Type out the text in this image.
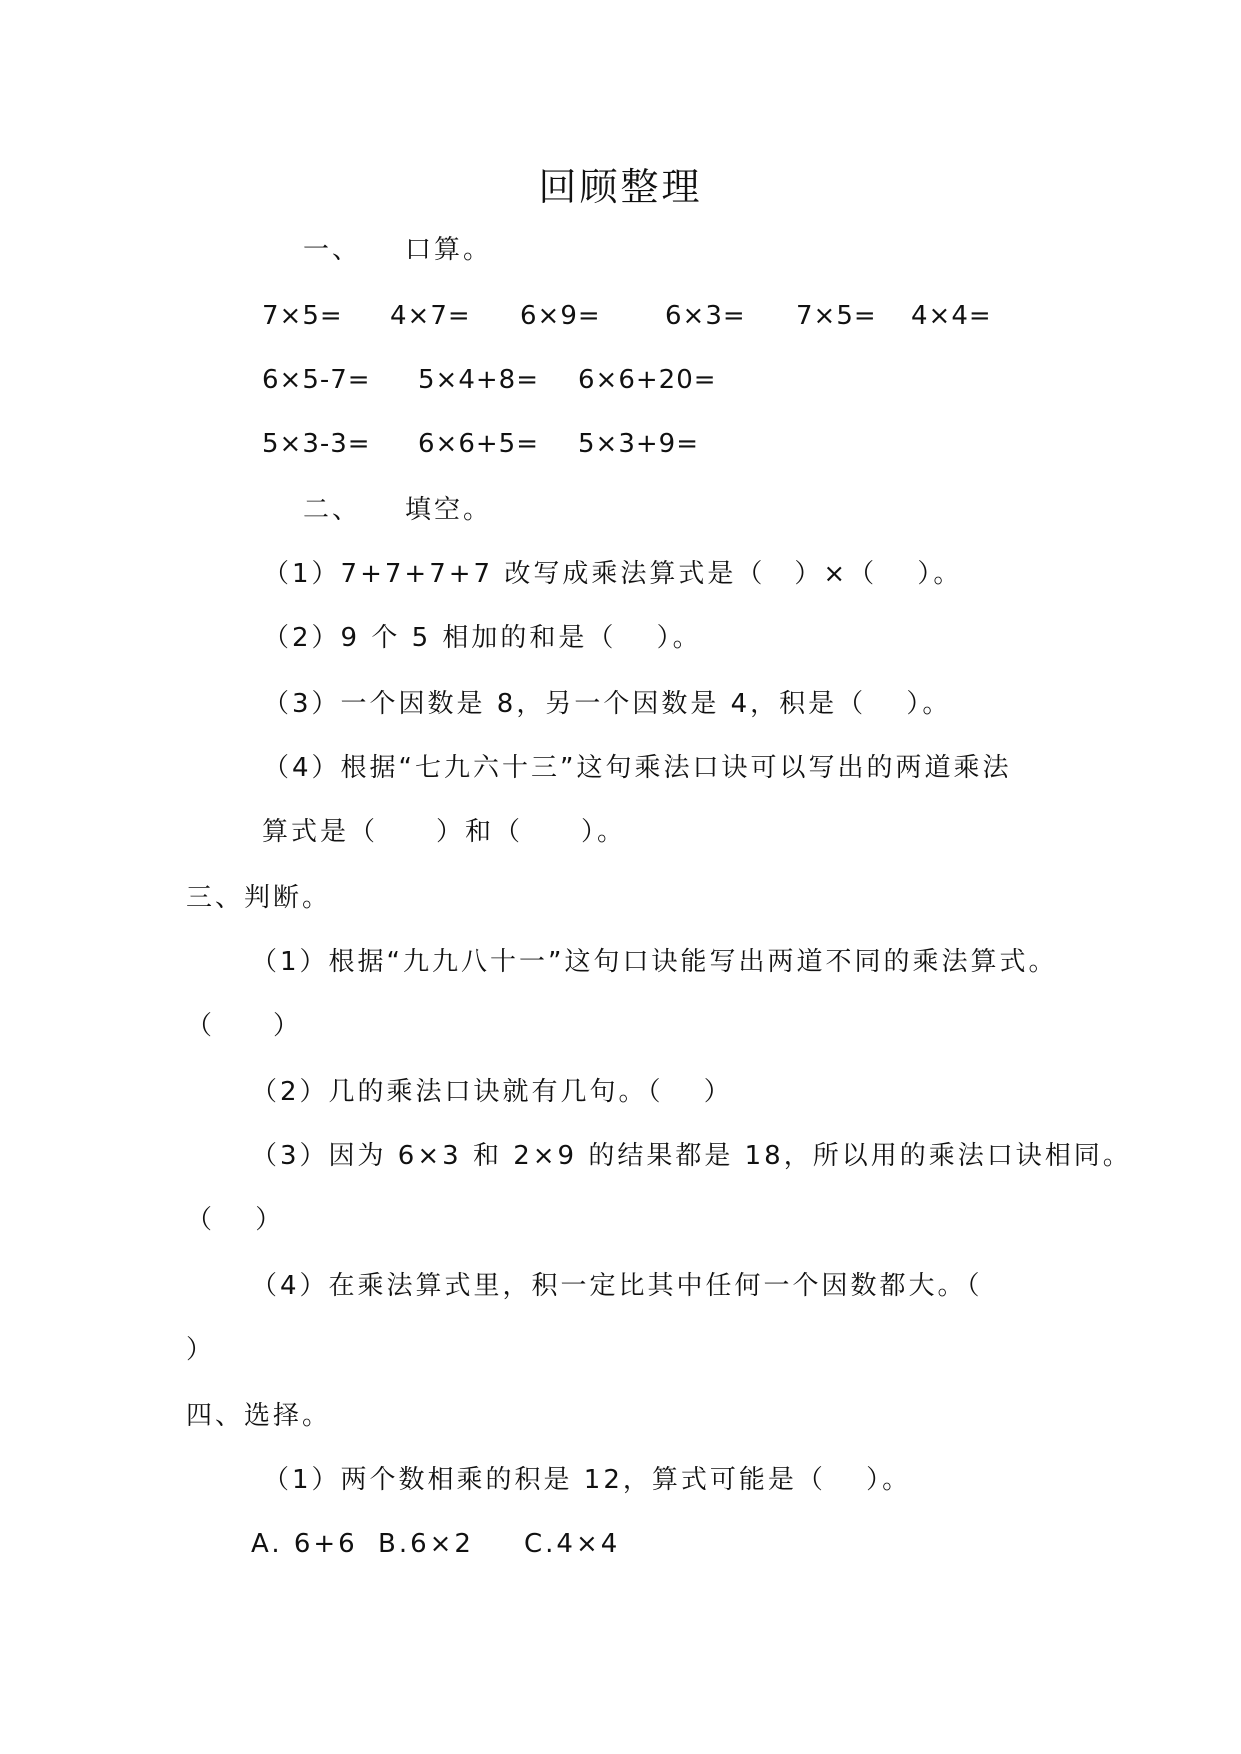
回顾整理
一、 口算。
7×5= 4×7= 6×9= 6×3= 7×5= 4×4=
6×5-7= 5×4+8= 6×6+20=
5×3-3= 6×6+5= 5×3+9=
二、 填空。
（1）7+7+7+7 改写成乘法算式是（　）×（　 ）。
（2）9 个 5 相加的和是（　 ）。
（3）一个因数是 8，另一个因数是 4，积是（　 ）。
（4）根据“七九六十三”这句乘法口诀可以写出的两道乘法
算式是（　　）和（　　）。
三、判断。
（1）根据“九九八十一”这句口诀能写出两道不同的乘法算式。
（　　）
（2）几的乘法口诀就有几句。（　 ）
（3）因为 6×3 和 2×9 的结果都是 18，所以用的乘法口诀相同。
（　 ）
（4）在乘法算式里，积一定比其中任何一个因数都大。（
）
四、选择。
（1）两个数相乘的积是 12，算式可能是（　 ）。
A. 6+6 B.6×2 C.4×4
